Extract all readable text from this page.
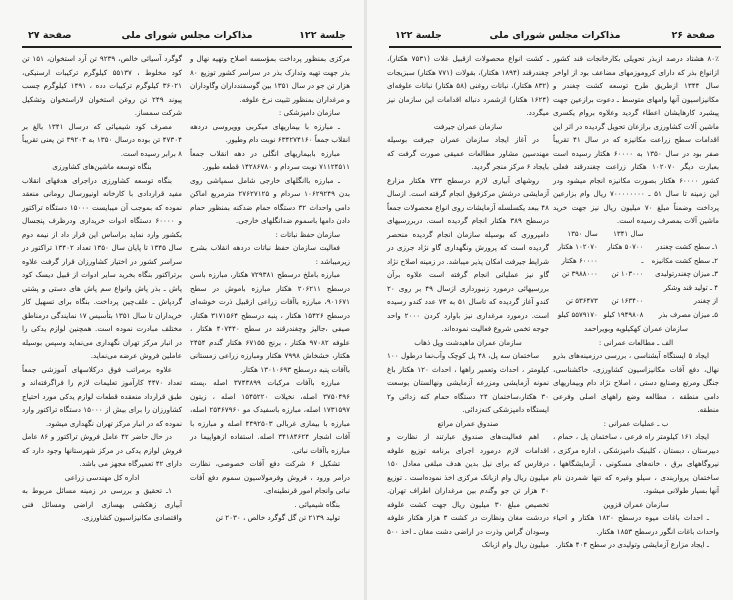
جلسة ۱۲۲
مذاکرات مجلس شورای ملی
صفحة ۲۷

مرکزی بمنظور پرداخت بمؤسسه اصلاح وتهیه نهال و بذر جهت تهیه وتدارک بذر در سراسر کشور توزیع ۸۰ هزار تن جو در سال ۱۳۵۱ بین گوسفندداران وگاوداران و مرغداران بمنظور تثبیت نرخ علوفه.

سازمان دامپزشکی :

ـ مبارزه با بیماریهای میکربی وویروسی دردهه انقلاب جمعاً ۶۳۴۲۷۴۱۶۰ نوبت دام وطیور.

مبارزه بابیماریهای انگلی در دهه انقلاب جمعاً ۷۱۱۲۴۵۱۱ نوبت سردام و ۱۴۲۸۶۷۸۰ قطعه طیور.

ـ مبارزه باانگلهای خارجی شامل سمپاشی روی بدن ۱۰۶۲۹۲۴۹ سردام و ۲۷۶۲۷۱۲۵ مترمربع اماکن دامی واحداث ۳۲ دستگاه حمام ضدکنه بمنظور حمام دادن دامها باسموم ضدانگلهای خارجی.

سازمان حفظ نباتات :

فعالیت سازمان حفظ نباتات دردهه انقلاب بشرح زیرمیباشد :

مبارزه باملخ درسطح ۷۲۹۳۸۱ هکتار، مبارزه باسن درسطح ۲۰۶۲۱۱ هکتار مبارزه باموش در سطح ۹۰۱۶۷۱، مبارزه باآفات زراعی ازقبیل ذرت خوشه‌ای درسطح ۱۵۴۲۶ هکتار ، پنبه درسطح ۳۱۷۱۵۶۴ هکتار، صیفی ،جالیز وچغندرقند در سطح ۴۰۷۴۴۰ هکتار ، علوفه ۹۷۰۸۲ هکتار ، برنج ۶۷۱۵۵ هکتار گندم ۲۴۵۴ هکتار، خشخاش ۷۹۹۸ هکتار ومبارزه زراعی زمستانی باآفات پنبه درسطح ۱۳۰۱۰۶۹۳ هکتار.

مبارزه باآفات مرکبات ۳۷۴۳۸۹۹ اصله ،پسته ۳۷۵۰۴۹۶ اصله، نخیلات ۱۵۴۵۲۲۰ اصله ، زیتون ۱۷۳۱۵۹۷ اصله، مبارزه باسفیدک مو ۲۵۴۶۷۹۶۰ اصله، مبارزه با بیماری غربالی ۴۴۹۲۵۰۳ اصله و مبارزه با آفات اشجار ۳۴۱۸۴۶۲۴ اصله. استفاده ازهواپیما در مبارزه باآفات نباتی.

تشکیل ۶ شرکت دفع آفات خصوصی، نظارت درامر ورود ، فروش وفرمولاسیون سموم دفع آفات نباتی وانجام امور قرنطینه‌ای.

بنگاه شیمیائی .

تولید ۲۱۳۹ تن گل گوگرد خالص ، ۲۰۳۰ تن

گوگرد آسیائی خالص، ۹۲۳۹ تن آرد استخوان، ۱۵۱ تن کود مخلوط ، ۵۵۱۳۷ کیلوگرم ترکیبات ارسنیکی، ۳۶۰۲۱ کیلوگرم ترکیبات دده ، ۱۴۹۱ کیلوگرم چسب پیوند ۲۴۹ تن روغن استخوان لاراستخوان وتشکیل شرکت سمساز.

مصرف کود شیمیائی که درسال ۱۳۴۱ بالغ بر ۴۷۳۰۴ تن بوده درسال ۱۳۵۰ به ۳۹۲۰۴ تن یعنی تقریباً ۸ برابر رسیده است.

بنگاه توسعه ماشین‌های کشاورزی

بنگاه توسعه کشاورزی دراجرای هدفهای انقلاب مفید قراردادی با کارخانه اونیورسال رومانی منعقد نموده که بموجب آن میبایست ۱۵۰۰۰ دستگاه تراکتور و ۶۰۰۰۰ دستگاه ادوات خریداری ودرظرف پنجسال بکشور وارد نماید براساس این قرار داد از نیمه دوم سال ۱۳۴۵ تا پایان سال ۱۳۵۰ تعداد ۱۳۴۰۲ تراکتور در سراسر کشور در اختیار کشاورزان قرار گرفت علاوه برتراکتور بنگاه بخرید سایر ادوات از قبیل دیسک کود پاش ـ بذر پاش وانواع سم پاش های دستی و پشتی گردپاش ـ علف‌چین پرداخت. بنگاه برای تسهیل کار خریداران تا سال ۱۳۵۱ بتأسیس ۱۷ نمایندگی درمناطق مختلف مبادرت نموده است. همچنین لوازم یدکی را در انبار مرکز تهران نگهداری می‌نماید وسپس بوسیله عاملین فروش عرضه می‌نماید.

علاوه برمراتب فوق درکلاسهای آموزشی جمعاً تعداد ۴۴۷۰ کارآموز تعلیمات لازم را فراگرفته‌اند و طبق قرارداد منعقده قطعات لوازم یدکی مورد احتیاج کشاورزان را برای بیش از ۱۵۰۰۰ دستگاه تراکتور وارد نموده که در انبار مرکز تهران نگهداری میشود.

در حال حاضر ۴۲ عامل فروش تراکتور و ۸۶ عامل فروش لوازم یدکی در مرکز شهرستانها وجود دارد که دارای ۴۲ تعمیرگاه مجهز می باشد.

اداره کل مهندسی زراعی

۱ـ تحقیق و بررسی در زمینه مسائل مربوط به آبیاری زهکشی بهسازی اراضی ومسائل فنی واقتصادی مکانیزاسیون کشاورزی.

صفحة ۲۶
مذاکرات مجلس شورای ملی
جلسة ۱۲۲

۸۰٪ هشتاد درصد ازبذر تحویلی بکارخانجات قند کشور ازانواع بذر که دارای کروموزمهای مضاعف بود از اواخر سال ۱۳۴۴ ازطریق طرح توسعه کشت چغندر و مکانیزاسیون آنها وامهای متوسط ـ دعوت برازعین جهت پیشبرد کارهایشان اعطاء گردید وعلاوه بروام یکسری ماشین آلات کشاورزی برازعان تحویل گردیده در اثر این اقدامات سطح زراعت مکانیزه که در سال ۴۱ تقریباً صفر بود در سال ۱۳۵۰ به ۶۰۰۰۰ هکتار رسیده است بعبارت دیگر ۱۰۲۰۷۰ هکتار زراعت چغندرقند فعلی کشور ۶۰۰۰۰ هکتار بصورت مکانیزه انجام میشود ودر این زمینه تا سال ۵۱ ـ ۷۰۰۰۰۰۰۰۰ ریال وام بزارعین پرداخت وضمناً مبلغ ۷۰ میلیون ریال نیز جهت خرید ماشین آلات بمصرف رسیده است.

	سال ۱۳۴۱	سال ۱۳۵۰
۱ـ سطح کشت چغندر	۵۰۷۰۰ هکتار	۱۰۲۰۷۰ هکتار
۲ـ سطح کشت مکانیزه	ـ	۶۰۰۰۰ هکتار
۳ـ میزان چغندرتولیدی	۱۰۳۰۰۰ تن	۳۹۸۸۰۰۰ تن
۴ ـ تولید قند وشکر		
از چغندر	۱۶۳۴۰۰ تن	۵۳۶۴۷۳ تن
۵ـ میزان مصرف بذر	۱۹۴۹۸۰۸ کیلو	۵۵۷۹۱۷۰ کیلو

سازمان عمران کهکیلویه وبویراحمد

الف ـ مطالعات عمرانی :

ایجاد ۵ ایستگاه آبشناسی ، بررسی درزمینه‌های بذرو نهال، دفع آفات مکانیزاسیون کشاورزی، خاکشناسی، جنگل ومرتع وصنایع دستی ، اصلاح نژاد دام وبیماریهای دامی منطقه ، مطالعه وضع راههای اصلی وفرعی منطقه.

ب ـ عملیات عمرانی :

ایجاد ۱۶۱ کیلومتر راه فرعی ، ساختمان پل ، حمام ، دبیرستان ، دبستان ، کلینیک دامپزشکی ، اداره مرکزی ، نیروگاههای برق ، خانه‌های مسکونی ، آزمایشگاهها ، ساختمان پرواربندی ، سیلو وغیره که تنها شمردن نام آنها بسیار طولانی میشود.

سازمان عمران قزوین

ـ احداث باغات میوه درسطح ۱۸۲۰ هکتار و احیاء واحداث باغات انگور درسطح ۱۸۵۳ هکتار.

ـ ایجاد مزارع آزمایشی وتولیدی در سطح ۴۰۴ هکتار.

ـ کشت انواع محصولات ازقبیل غلات (۷۵۳۱ هکتار)، چغندرقند (۱۸۹۴ هکتار)، بقولات (۷۷۱ هکتار) سبزیجات (۸۳۲ هکتار)، نباتات روغنی (۵۸ هکتار) نباتات علوفه‌ای (۱۶۲۴ هکتار) ازشمرد دنباله اقدامات این سازمان نیز میگردد.

سازمان عمران جیرفت

در آغاز ایجاد سازمان عمران جیرفت بوسیله مهندسین مشاور مطالعات عمیقی صورت گرفت که بایجاد ۶ مرکز منجر گردید.

روشهای آبیاری لازم درسطح ۷۴۳ هکتار مزارع آزمایشی درشش مرکزفوق انجام گرفته است. ازسال ۴۸ ببعد یکسلسله آزمایشات روی انواع محصولات جمعاً درسطح ۳۸۹ هکتار انجام گردیده است. دربررسیهای دامپروری که بوسیله سازمان انجام گردیده منحصر گردیده است که پرورش ونگهداری گاو نژاد جرزی در شرایط جیرفت امکان پذیر میباشد. در زمینه اصلاح نژاد گاو نیز عملیاتی انجام گرفته است علاوه برآن بررسیهائی درمورد زنبورداری ازسال ۴۹ بر روی ۲۰ کندو آغاز گردیده که تاسال ۵۱ به ۷۴ عدد کندو رسیده است. درمورد مرغداری نیز باوارد کردن ۲۰۰۰ واحد جوجه تخمی شروع فعالیت نموده‌اند.

سازمان عمران ماهیدشت وپل ذهاب

ساختمان سه پل، ۴۸ پل کوچک وآب‌نما درطول ۱۰۰ کیلومتر ، احداث وتعمیر راهها ، احداث ۱۲۰ هکتار باغ نمونه آزمایشی ومزرعه آزمایشی ونهالستان بوسعت ۳۰ هکتار،ساختمان ۲۴ دستگاه حمام کنه زدائی و۲ ایستگاه دامپزشکی کنه‌زدائی.

صندوق عمران مراتع

اهم فعالیت‌های صندوق عبارتند از نظارت و اقدامات لازم درمورد اجرای برنامه توزیع علوفه درفارس که برای نیل بدین هدف مبلغی معادل ۱۵۰ میلیون ریال وام ازبانک مرکزی اخذ نموده‌است . توزیع ۳۰ هزار تن جو وگندم بین مرغداران اطراف تهران. تخصیص مبلغ ۳۰ میلیون ریال جهت کشت علوفه دردشت مغان ونظارت در کشت ۳ هزار هکتار علوفه وسودان گراس وذرت در اراضی دشت مغان ـ اخذ ۵۰۰ میلیون ریال وام ازبانک
